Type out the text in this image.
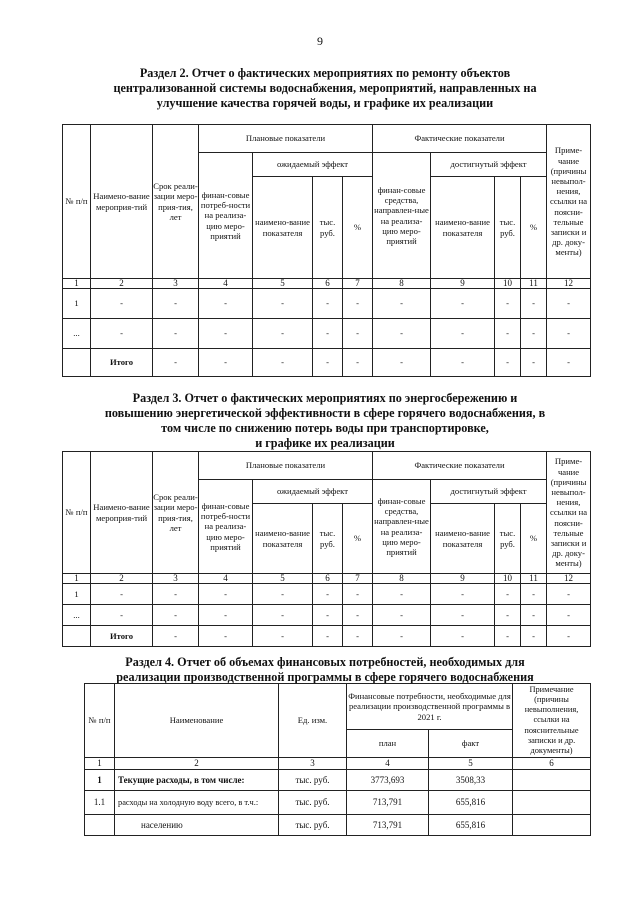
9
Раздел 2. Отчет о фактических мероприятиях по ремонту объектов
централизованной системы водоснабжения, мероприятий, направленных на
улучшение качества горячей воды, и графике их реализации
№ п/п	Наимено-вание мероприя-тий	Срок реали-зации меро-прия-тия, лет	Плановые показатели				Фактические показатели				Приме-чание (причины невыпол-нения, ссылки на поясни-тельные записки и др. доку-менты)
			финан-совые потреб-ности на реализа-цию меро-приятий	ожидаемый эффект			финан-совые средства, направлен-ные на реализа-цию меро-приятий	достигнутый эффект			
				наимено-вание показателя	тыс. руб.	%		наимено-вание показателя	тыс. руб.	%	
1	2	3	4	5	6	7	8	9	10	11	12
1	-	-	-	-	-	-	-	-	-	-	-
...	-	-	-	-	-	-	-	-	-	-	-
	Итого	-	-	-	-	-	-	-	-	-	-
Раздел 3. Отчет о фактических мероприятиях по энергосбережению и
повышению энергетической эффективности в сфере горячего водоснабжения, в
том числе по снижению потерь воды при транспортировке,
и графике их реализации
№ п/п	Наимено-вание мероприя-тий	Срок реали-зации меро-прия-тия, лет	Плановые показатели				Фактические показатели				Приме-чание (причины невыпол-нения, ссылки на поясни-тельные записки и др. доку-менты)
			финан-совые потреб-ности на реализа-цию меро-приятий	ожидаемый эффект			финан-совые средства, направлен-ные на реализа-цию меро-приятий	достигнутый эффект			
				наимено-вание показателя	тыс. руб.	%		наимено-вание показателя	тыс. руб.	%	
1	2	3	4	5	6	7	8	9	10	11	12
1	-	-	-	-	-	-	-	-	-	-	-
...	-	-	-	-	-	-	-	-	-	-	-
	Итого	-	-	-	-	-	-	-	-	-	-
Раздел 4. Отчет об объемах финансовых потребностей, необходимых для
реализации производственной программы в сфере горячего водоснабжения
№ п/п	Наименование	Ед. изм.	Финансовые потребности, необходимые для реализации производственной программы в 2021 г.		Примечание (причины невыполнения, ссылки на пояснительные записки и др. документы)
			план	факт	
1	2	3	4	5	6
1	Текущие расходы, в том числе:	тыс. руб.	3773,693	3508,33	
1.1	расходы на холодную воду всего, в т.ч.:	тыс. руб.	713,791	655,816	
	населению	тыс. руб.	713,791	655,816	
